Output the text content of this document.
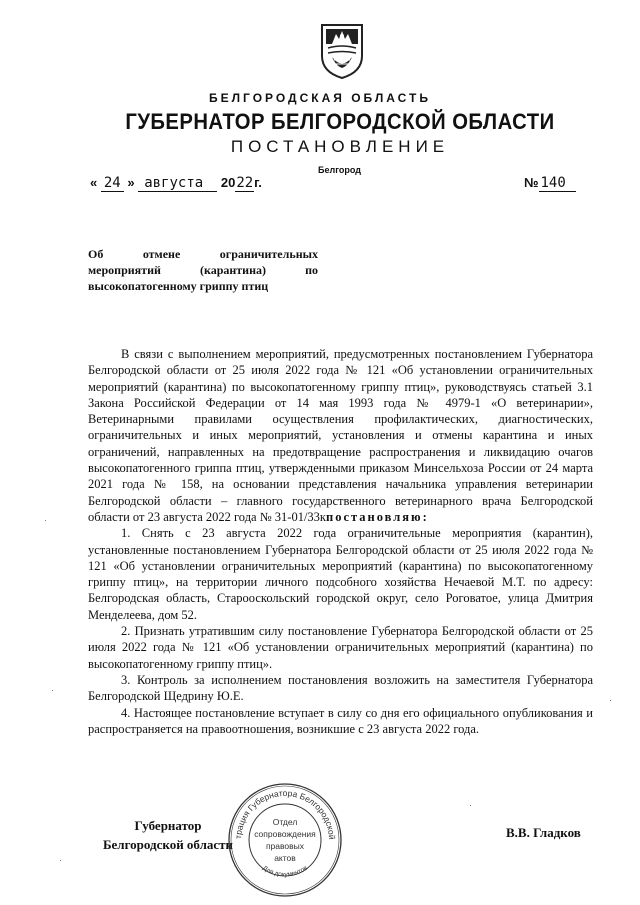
БЕЛГОРОДСКАЯ ОБЛАСТЬ
ГУБЕРНАТОР БЕЛГОРОДСКОЙ ОБЛАСТИ
ПОСТАНОВЛЕНИЕ
Белгород
« 24 » августа 2022г.	№ 140
Об отмене ограничительных мероприятий (карантина) по высокопатогенному гриппу птиц

В связи с выполнением мероприятий, предусмотренных постановлением Губернатора Белгородской области от 25 июля 2022 года № 121 «Об установлении ограничительных мероприятий (карантина) по высокопатогенному гриппу птиц», руководствуясь статьей 3.1 Закона Российской Федерации от 14 мая 1993 года № 4979-1 «О ветеринарии», Ветеринарными правилами осуществления профилактических, диагностических, ограничительных и иных мероприятий, установления и отмены карантина и иных ограничений, направленных на предотвращение распространения и ликвидацию очагов высокопатогенного гриппа птиц, утвержденными приказом Минсельхоза России от 24 марта 2021 года № 158, на основании представления начальника управления ветеринарии Белгородской области – главного государственного ветеринарного врача Белгородской области от 23 августа 2022 года № 31-01/33кпостановляю:

1. Снять с 23 августа 2022 года ограничительные мероприятия (карантин), установленные постановлением Губернатора Белгородской области от 25 июля 2022 года № 121 «Об установлении ограничительных мероприятий (карантина) по высокопатогенному гриппу птиц», на территории личного подсобного хозяйства Нечаевой М.Т. по адресу: Белгородская область, Старооскольский городской округ, село Роговатое, улица Дмитрия Менделеева, дом 52.

2. Признать утратившим силу постановление Губернатора Белгородской области от 25 июля 2022 года № 121 «Об установлении ограничительных мероприятий (карантина) по высокопатогенному гриппу птиц».

3. Контроль за исполнением постановления возложить на заместителя Губернатора Белгородской Щедрину Ю.Е.

4. Настоящее постановление вступает в силу со дня его официального опубликования и распространяется на правоотношения, возникшие с 23 августа 2022 года.

Губернатор
Белгородской области
В.В. Гладков
трация Губернатора Белгородской
Для документов
Отдел
сопровождения
правовых
актов
